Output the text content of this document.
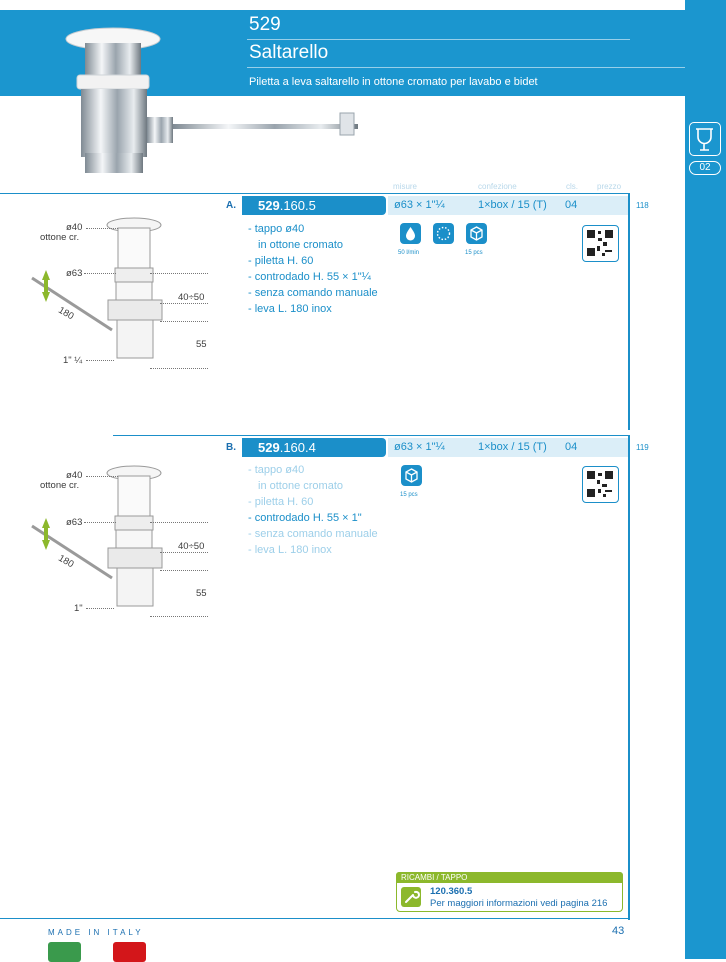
529
Saltarello
Piletta a leva saltarello in ottone cromato per lavabo e bidet
02
misure	confezione	cls. prezzo
A.	529.160.5	ø63 × 1"¼	1×box / 15 (T) 04	118
- tappo ø40
in ottone cromato
- piletta H. 60
- controdado H. 55 × 1"¼
- senza comando manuale
- leva L. 180 inox
50 l/min	15 pcs
ø40
ottone cr.
ø63
40÷50
55
1" ¼
180
B.	529.160.4	ø63 × 1"¼	1×box / 15 (T) 04	119
- tappo ø40
in ottone cromato
- piletta H. 60
- controdado H. 55 × 1"
- senza comando manuale
- leva L. 180 inox
15 pcs
ø40
ottone cr.
ø63
40÷50
55
1"
180
RICAMBI / TAPPO
120.360.5
Per maggiori informazioni vedi pagina 216
MADE IN ITALY	43
